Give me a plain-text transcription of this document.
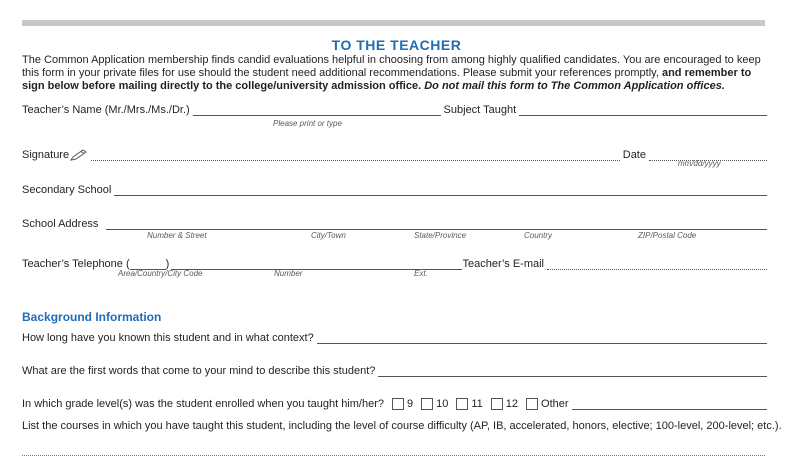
TO THE TEACHER

The Common Application membership finds candid evaluations helpful in choosing from among highly qualified candidates. You are encouraged to keep this form in your private files for use should the student need additional recommendations. Please submit your references promptly, and remember to sign below before mailing directly to the college/university admission office. Do not mail this form to The Common Application offices.

Teacher’s Name (Mr./Mrs./Ms./Dr.)	Subject Taught
Please print or type
Signature	Date
mm/dd/yyyy
Secondary School
School Address
Number & Street	City/Town	State/Province	Country	ZIP/Postal Code
Teacher’s Telephone (	)	Teacher’s E-mail
Area/Country/City Code	Number	Ext.
Background Information
How long have you known this student and in what context?
What are the first words that come to your mind to describe this student?
In which grade level(s) was the student enrolled when you taught him/her? 9 10 11 12 Other
List the courses in which you have taught this student, including the level of course difficulty (AP, IB, accelerated, honors, elective; 100-level, 200-level; etc.).
